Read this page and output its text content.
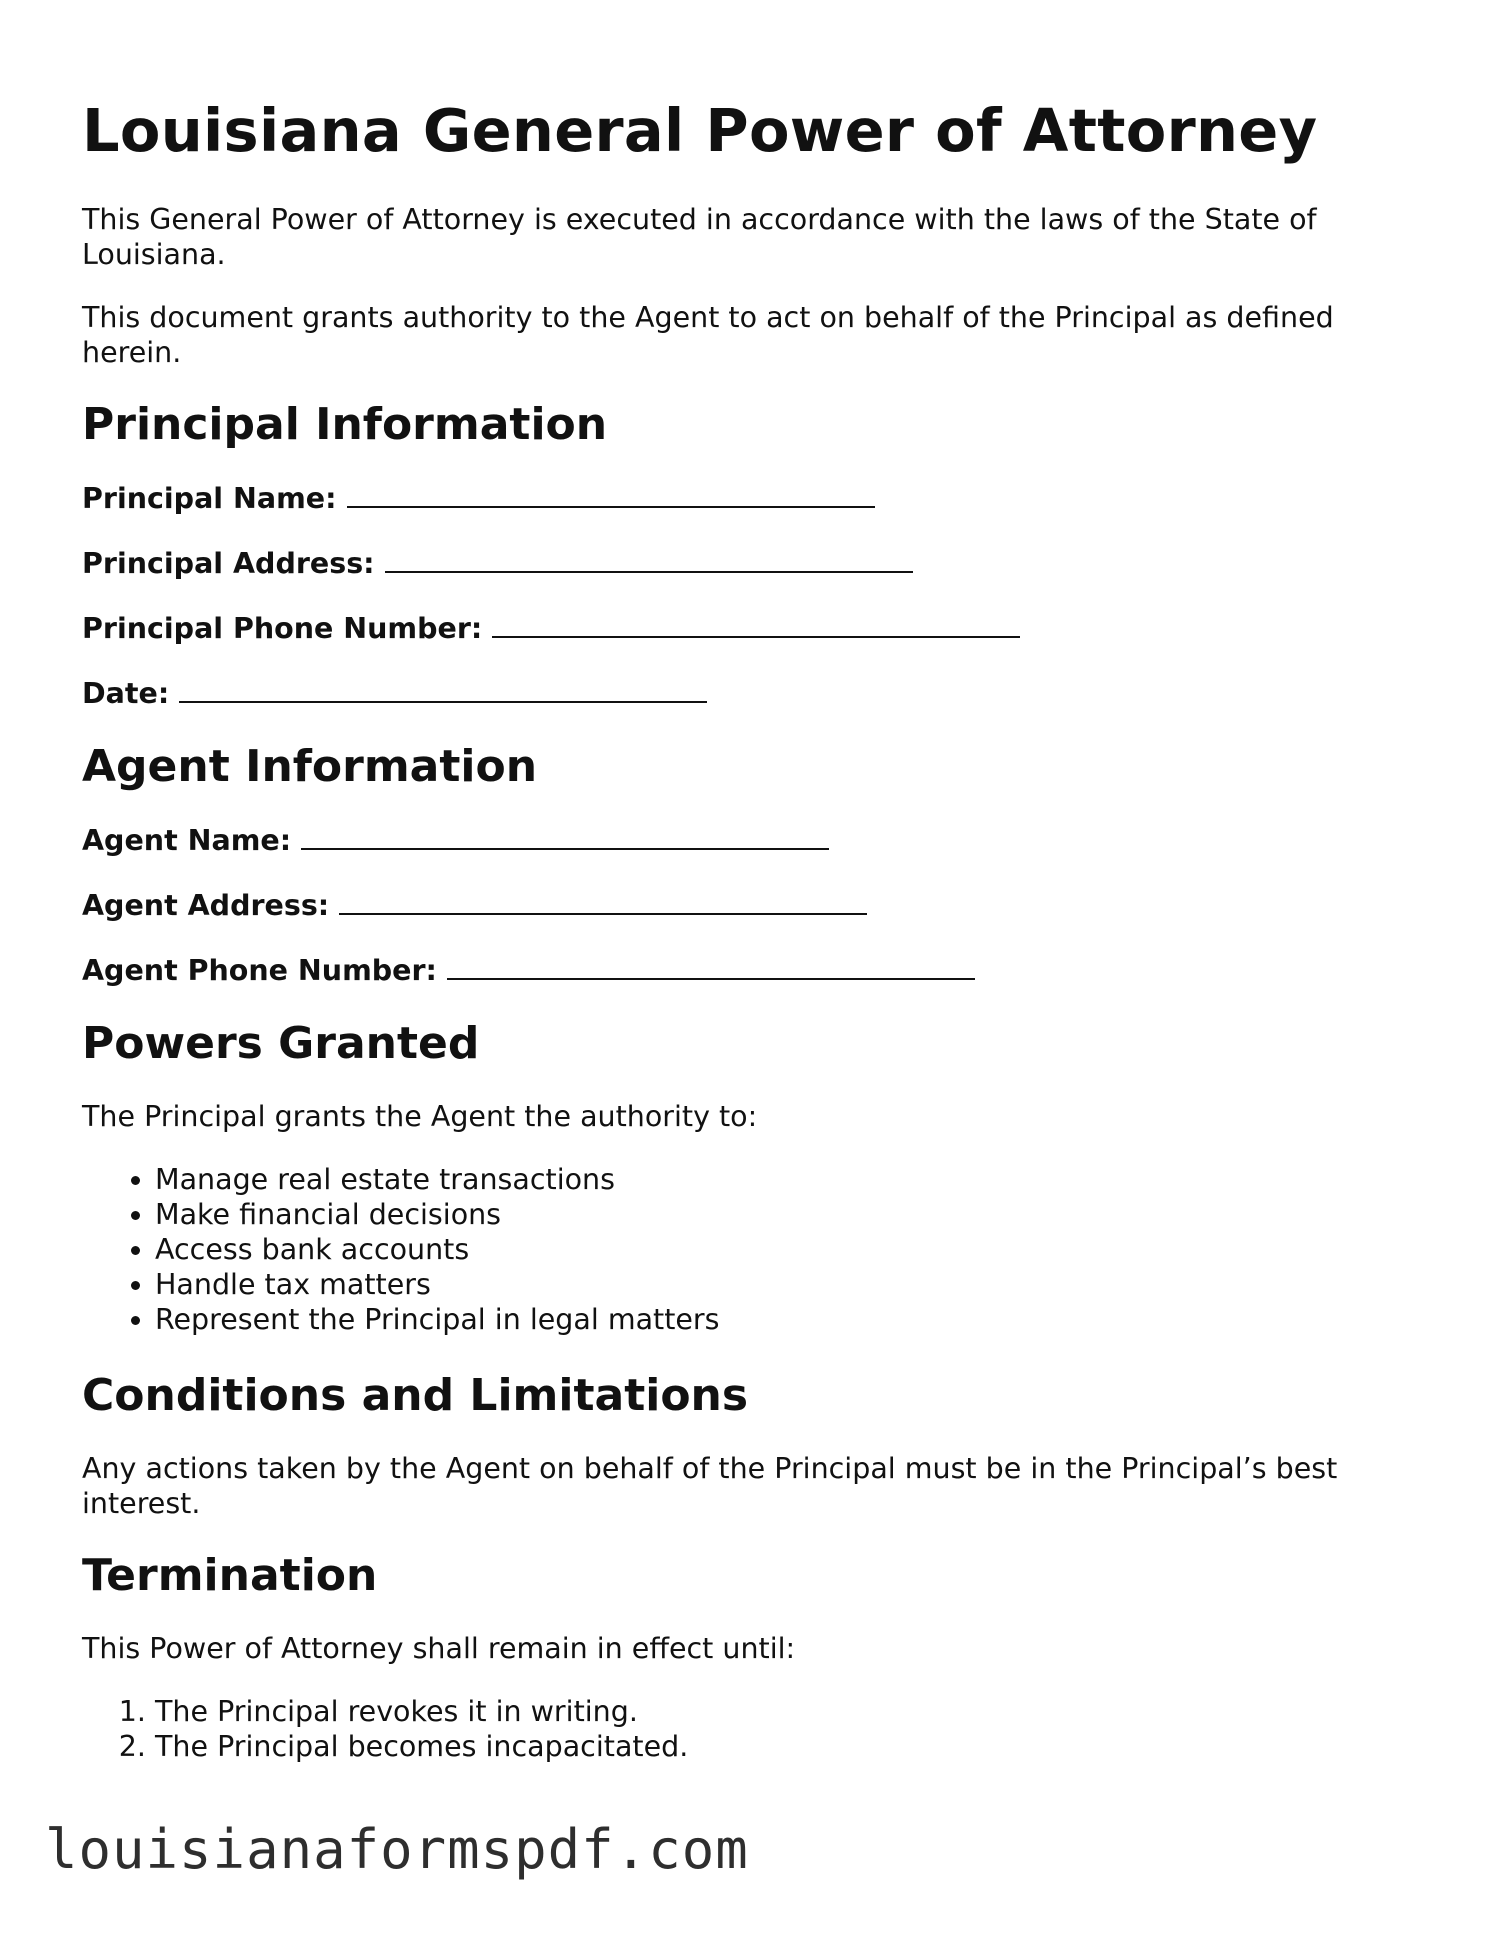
Louisiana General Power of Attorney

This General Power of Attorney is executed in accordance with the laws of the State of Louisiana.

This document grants authority to the Agent to act on behalf of the Principal as defined herein.

Principal Information
Principal Name:
Principal Address:
Principal Phone Number:
Date:
Agent Information
Agent Name:
Agent Address:
Agent Phone Number:
Powers Granted

The Principal grants the Agent the authority to:

• Manage real estate transactions
• Make financial decisions
• Access bank accounts
• Handle tax matters
• Represent the Principal in legal matters
Conditions and Limitations

Any actions taken by the Agent on behalf of the Principal must be in the Principal’s best interest.

Termination

This Power of Attorney shall remain in effect until:

1. The Principal revokes it in writing.
2. The Principal becomes incapacitated.
louisianaformspdf.com
